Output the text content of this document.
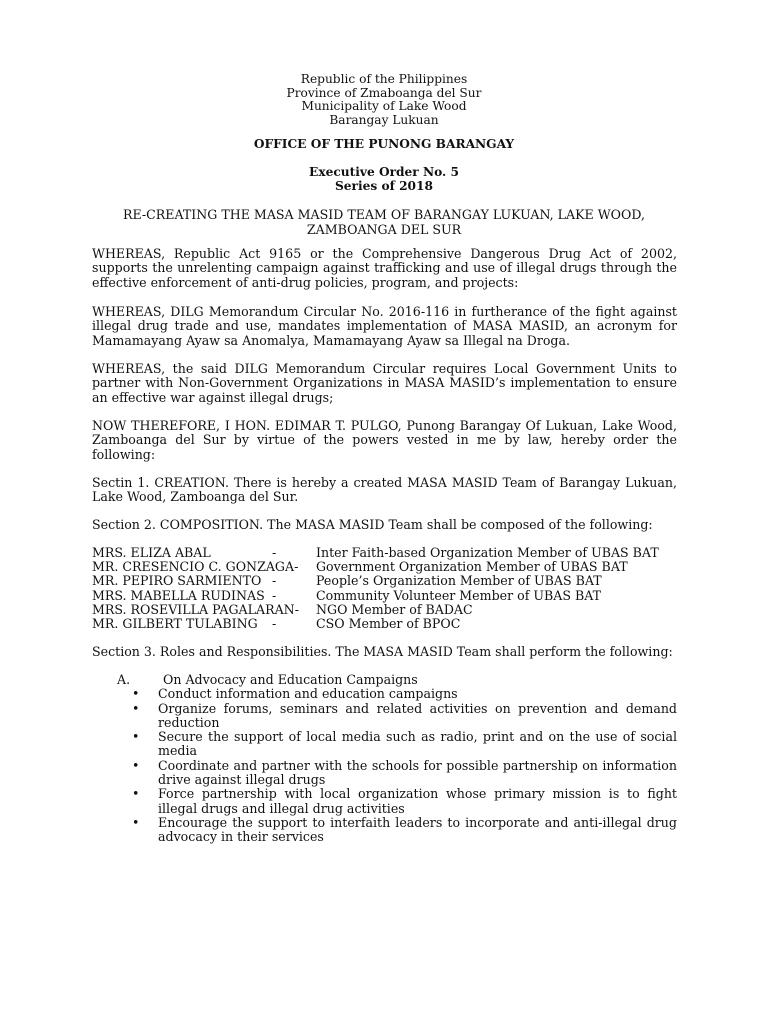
Republic of the Philippines
Province of Zmaboanga del Sur
Municipality of Lake Wood
Barangay Lukuan
OFFICE OF THE PUNONG BARANGAY
Executive Order No. 5
Series of 2018
RE-CREATING THE MASA MASID TEAM OF BARANGAY LUKUAN, LAKE WOOD,
ZAMBOANGA DEL SUR

WHEREAS, Republic Act 9165 or the Comprehensive Dangerous Drug Act of 2002, supports the unrelenting campaign against trafficking and use of illegal drugs through the effective enforcement of anti-drug policies, program, and projects:

WHEREAS, DILG Memorandum Circular No. 2016-116 in furtherance of the fight against illegal drug trade and use, mandates implementation of MASA MASID, an acronym for Mamamayang Ayaw sa Anomalya, Mamamayang Ayaw sa Illegal na Droga.

WHEREAS, the said DILG Memorandum Circular requires Local Government Units to partner with Non-Government Organizations in MASA MASID’s implementation to ensure an effective war against illegal drugs;

NOW THEREFORE, I HON. EDIMAR T. PULGO, Punong Barangay Of Lukuan, Lake Wood, Zamboanga del Sur by virtue of the powers vested in me by law, hereby order the following:

Sectin 1. CREATION. There is hereby a created MASA MASID Team of Barangay Lukuan, Lake Wood, Zamboanga del Sur.

Section 2. COMPOSITION. The MASA MASID Team shall be composed of the following:

MRS. ELIZA ABAL	-	Inter Faith-based Organization Member of UBAS BAT
MR. CRESENCIO C. GONZAGA- Government Organization Member of UBAS BAT
MR. PEPIRO SARMIENTO -	People’s Organization Member of UBAS BAT
MRS. MABELLA RUDINAS -	Community Volunteer Member of UBAS BAT
MRS. ROSEVILLA PAGALARAN- NGO Member of BADAC
MR. GILBERT TULABING -	CSO Member of BPOC

Section 3. Roles and Responsibilities. The MASA MASID Team shall perform the following:

A.	On Advocacy and Education Campaigns
• Conduct information and education campaigns
• Organize forums, seminars and related activities on prevention and demand reduction
• Secure the support of local media such as radio, print and on the use of social media
• Coordinate and partner with the schools for possible partnership on information drive against illegal drugs
• Force partnership with local organization whose primary mission is to fight illegal drugs and illegal drug activities
• Encourage the support to interfaith leaders to incorporate and anti-illegal drug advocacy in their services
